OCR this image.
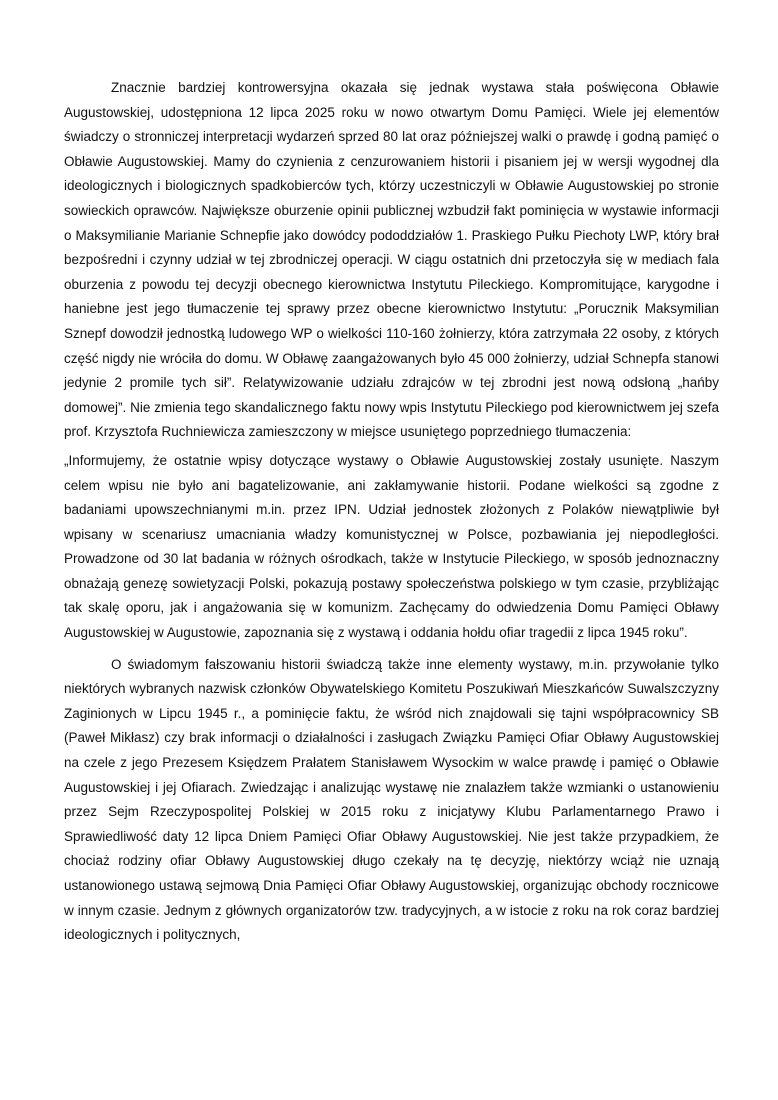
Znacznie bardziej kontrowersyjna okazała się jednak wystawa stała poświęcona Obławie Augustowskiej, udostępniona 12 lipca 2025 roku w nowo otwartym Domu Pamięci. Wiele jej elementów świadczy o stronniczej interpretacji wydarzeń sprzed 80 lat oraz późniejszej walki o prawdę i godną pamięć o Obławie Augustowskiej. Mamy do czynienia z cenzurowaniem historii i pisaniem jej w wersji wygodnej dla ideologicznych i biologicznych spadkobierców tych, którzy uczestniczyli w Obławie Augustowskiej po stronie sowieckich oprawców. Największe oburzenie opinii publicznej wzbudził fakt pominięcia w wystawie informacji o Maksymilianie Marianie Schnepfie jako dowódcy pododdziałów 1. Praskiego Pułku Piechoty LWP, który brał bezpośredni i czynny udział w tej zbrodniczej operacji. W ciągu ostatnich dni przetoczyła się w mediach fala oburzenia z powodu tej decyzji obecnego kierownictwa Instytutu Pileckiego. Kompromitujące, karygodne i haniebne jest jego tłumaczenie tej sprawy przez obecne kierownictwo Instytutu: „Porucznik Maksymilian Sznepf dowodził jednostką ludowego WP o wielkości 110-160 żołnierzy, która zatrzymała 22 osoby, z których część nigdy nie wróciła do domu. W Obławę zaangażowanych było 45 000 żołnierzy, udział Schnepfa stanowi jedynie 2 promile tych sił”. Relatywizowanie udziału zdrajców w tej zbrodni jest nową odsłoną „hańby domowej”. Nie zmienia tego skandalicznego faktu nowy wpis Instytutu Pileckiego pod kierownictwem jej szefa prof. Krzysztofa Ruchniewicza zamieszczony w miejsce usuniętego poprzedniego tłumaczenia:

„Informujemy, że ostatnie wpisy dotyczące wystawy o Obławie Augustowskiej zostały usunięte. Naszym celem wpisu nie było ani bagatelizowanie, ani zakłamywanie historii. Podane wielkości są zgodne z badaniami upowszechnianymi m.in. przez IPN. Udział jednostek złożonych z Polaków niewątpliwie był wpisany w scenariusz umacniania władzy komunistycznej w Polsce, pozbawiania jej niepodległości. Prowadzone od 30 lat badania w różnych ośrodkach, także w Instytucie Pileckiego, w sposób jednoznaczny obnażają genezę sowietyzacji Polski, pokazują postawy społeczeństwa polskiego w tym czasie, przybliżając tak skalę oporu, jak i angażowania się w komunizm. Zachęcamy do odwiedzenia Domu Pamięci Obławy Augustowskiej w Augustowie, zapoznania się z wystawą i oddania hołdu ofiar tragedii z lipca 1945 roku”.

O świadomym fałszowaniu historii świadczą także inne elementy wystawy, m.in. przywołanie tylko niektórych wybranych nazwisk członków Obywatelskiego Komitetu Poszukiwań Mieszkańców Suwalszczyzny Zaginionych w Lipcu 1945 r., a pominięcie faktu, że wśród nich znajdowali się tajni współpracownicy SB (Paweł Mikłasz) czy brak informacji o działalności i zasługach Związku Pamięci Ofiar Obławy Augustowskiej na czele z jego Prezesem Księdzem Prałatem Stanisławem Wysockim w walce prawdę i pamięć o Obławie Augustowskiej i jej Ofiarach. Zwiedzając i analizując wystawę nie znalazłem także wzmianki o ustanowieniu przez Sejm Rzeczypospolitej Polskiej w 2015 roku z inicjatywy Klubu Parlamentarnego Prawo i Sprawiedliwość daty 12 lipca Dniem Pamięci Ofiar Obławy Augustowskiej. Nie jest także przypadkiem, że chociaż rodziny ofiar Obławy Augustowskiej długo czekały na tę decyzję, niektórzy wciąż nie uznają ustanowionego ustawą sejmową Dnia Pamięci Ofiar Obławy Augustowskiej, organizując obchody rocznicowe w innym czasie. Jednym z głównych organizatorów tzw. tradycyjnych, a w istocie z roku na rok coraz bardziej ideologicznych i politycznych,
